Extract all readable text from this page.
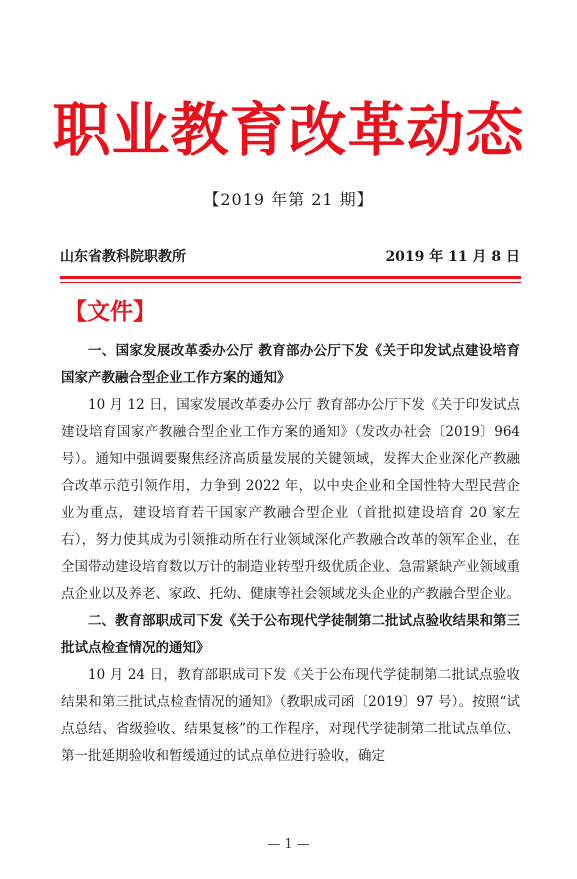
职业教育改革动态
【2019 年第 21 期】
山东省教科院职教所	2019 年 11 月 8 日
【文件】

一、国家发展改革委办公厅 教育部办公厅下发《关于印发试点建设培育国家产教融合型企业工作方案的通知》

10 月 12 日，国家发展改革委办公厅 教育部办公厅下发《关于印发试点建设培育国家产教融合型企业工作方案的通知》（发改办社会〔2019〕964 号）。通知中强调要聚焦经济高质量发展的关键领域，发挥大企业深化产教融合改革示范引领作用，力争到 2022 年，以中央企业和全国性特大型民营企业为重点，建设培育若干国家产教融合型企业（首批拟建设培育 20 家左右），努力使其成为引领推动所在行业领域深化产教融合改革的领军企业，在全国带动建设培育数以万计的制造业转型升级优质企业、急需紧缺产业领域重点企业以及养老、家政、托幼、健康等社会领域龙头企业的产教融合型企业。

二、教育部职成司下发《关于公布现代学徒制第二批试点验收结果和第三批试点检查情况的通知》

10 月 24 日，教育部职成司下发《关于公布现代学徒制第二批试点验收结果和第三批试点检查情况的通知》（教职成司函〔2019〕97 号）。按照“试点总结、省级验收、结果复核”的工作程序，对现代学徒制第二批试点单位、第一批延期验收和暂缓通过的试点单位进行验收，确定

— 1 —
